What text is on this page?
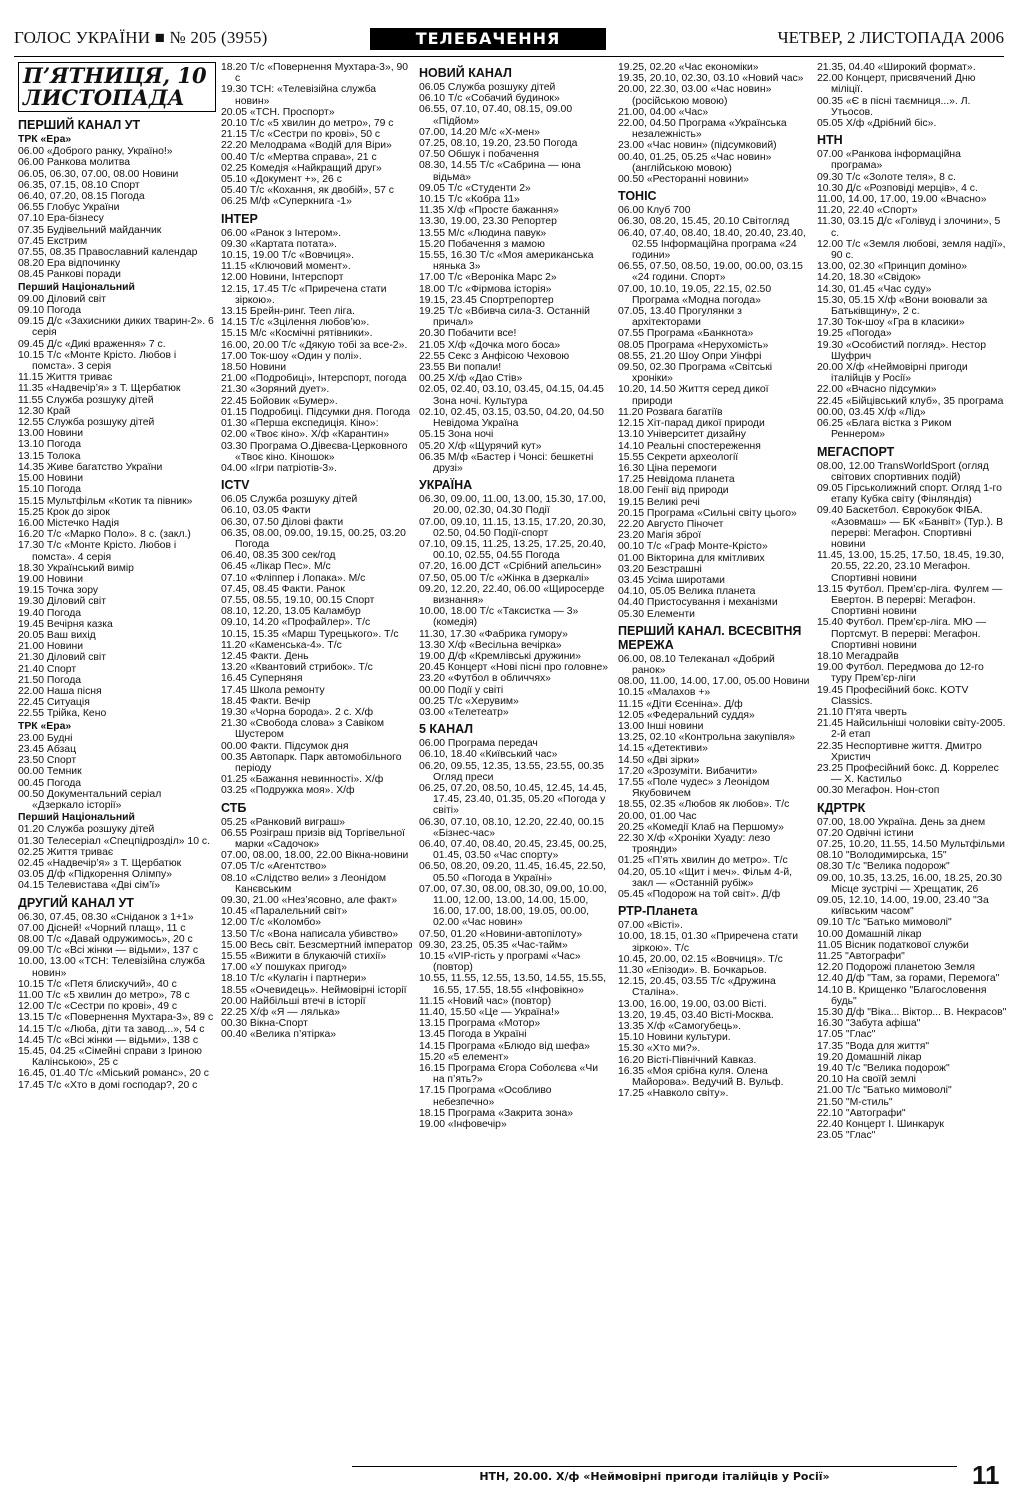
ГОЛОС УКРАЇНИ ■ № 205 (3955)	ТЕЛЕБАЧЕННЯ	ЧЕТВЕР, 2 ЛИСТОПАДА 2006
П’ЯТНИЦЯ, 10 ЛИСТОПАДА
ПЕРШИЙ КАНАЛ УТ
ТРК «Ера»
06.00 «Доброго ранку, Україно!»
06.00 Ранкова молитва
06.05, 06.30, 07.00, 08.00 Новини
06.35, 07.15, 08.10 Спорт
06.40, 07.20, 08.15 Погода
06.55 Глобус України
07.10 Ера-бізнесу
07.35 Будівельний майданчик
07.45 Екстрим
07.55, 08.35 Православний календар
08.20 Ера відпочинку
08.45 Ранкові поради
Перший Національний
09.00 Діловий світ
09.10 Погода
09.15 Д/с «Захисники диких тварин-2». 6 серія
09.45 Д/с «Дикі враження» 7 с.
10.15 Т/с «Монте Крісто. Любов і помста». 3 серія
11.15 Життя триває
11.35 «Надвечір’я» з Т. Щербатюк
11.55 Служба розшуку дітей
12.30 Край
12.55 Служба розшуку дітей
13.00 Новини
13.10 Погода
13.15 Толока
14.35 Живе багатство України
15.00 Новини
15.10 Погода
15.15 Мультфільм «Котик та півник»
15.25 Крок до зірок
16.00 Містечко Надія
16.20 Т/с «Марко Поло». 8 с. (закл.)
17.30 Т/с «Монте Крісто. Любов і помста». 4 серія
18.30 Український вимір
19.00 Новини
19.15 Точка зору
19.30 Діловий світ
19.40 Погода
19.45 Вечірня казка
20.05 Ваш вихід
21.00 Новини
21.30 Діловий світ
21.40 Спорт
21.50 Погода
22.00 Наша пісня
22.45 Ситуація
22.55 Трійка, Кено
ТРК «Ера»
23.00 Будні
23.45 Абзац
23.50 Спорт
00.00 Темник
00.45 Погода
00.50 Документальний серіал «Дзеркало історії»
Перший Національний
01.20 Служба розшуку дітей
01.30 Телесеріал «Спецпідрозділ» 10 с.
02.25 Життя триває
02.45 «Надвечір’я» з Т. Щербатюк
03.05 Д/ф «Підкорення Олімпу»
04.15 Телевистава «Дві сім’ї»
ДРУГИЙ КАНАЛ УТ
06.30, 07.45, 08.30 «Сніданок з 1+1»
07.00 Дісней! «Чорний плащ», 11 с
08.00 Т/с «Давай одружимось», 20 с
09.00 Т/с «Всі жінки — відьми», 137 с
10.00, 13.00 «ТСН: Телевізійна служба новин»
10.15 Т/с «Петя блискучий», 40 с
11.00 Т/с «5 хвилин до метро», 78 с
12.00 Т/с «Сестри по крові», 49 с
13.15 Т/с «Повернення Мухтара-3», 89 с
14.15 Т/с «Люба, діти та завод...», 54 с
14.45 Т/с «Всі жінки — відьми», 138 с
15.45, 04.25 «Сімейні справи з Іриною Калінською», 25 с
16.45, 01.40 Т/с «Міський романс», 20 с
17.45 Т/с «Хто в домі господар?, 20 с
18.20 Т/с «Повернення Мухтара-3», 90 с
19.30 ТСН: «Телевізійна служба новин»
20.05 «ТСН. Проспорт»
20.10 Т/с «5 хвилин до метро», 79 с
21.15 Т/с «Сестри по крові», 50 с
22.20 Мелодрама «Водій для Віри»
00.40 Т/с «Мертва справа», 21 с
02.25 Комедія «Найкращий друг»
05.10 «Документ +», 26 с
05.40 Т/с «Кохання, як двобій», 57 с
06.25 М/ф «Суперкнига -1»
ІНТЕР
06.00 «Ранок з Інтером».
09.30 «Картата потата».
10.15, 19.00 Т/с «Вовчиця».
11.15 «Ключовий момент».
12.00 Новини, Інтерспорт
12.15, 17.45 Т/с «Приречена стати зіркою».
13.15 Брейн-ринг. Teen ліга.
14.15 Т/с «Зцілення любов’ю».
15.15 М/с «Космічні рятівники».
16.00, 20.00 Т/с «Дякую тобі за все-2».
17.00 Ток-шоу «Один у полі».
18.50 Новини
21.00 «Подробиці», Інтерспорт, погода
21.30 «Зоряний дует».
22.45 Бойовик «Бумер».
01.15 Подробиці. Підсумки дня. Погода
01.30 «Перша експедиція. Кіно»:
02.00 «Твоє кіно». Х/ф «Карантин»
03.30 Програма О.Дівеєва-Церковного «Твоє кіно. Кіношок»
04.00 «Ігри патріотів-3».
ICTV
06.05 Служба розшуку дітей
06.10, 03.05 Факти
06.30, 07.50 Ділові факти
06.35, 08.00, 09.00, 19.15, 00.25, 03.20 Погода
06.40, 08.35 300 сек/год
06.45 «Лікар Пес». М/с
07.10 «Фліппер і Лопака». М/с
07.45, 08.45 Факти. Ранок
07.55, 08.55, 19.10, 00.15 Спорт
08.10, 12.20, 13.05 Каламбур
09.10, 14.20 «Профайлер». Т/с
10.15, 15.35 «Марш Турецького». Т/с
11.20 «Каменська-4». Т/с
12.45 Факти. День
13.20 «Квантовий стрибок». Т/с
16.45 Суперняня
17.45 Школа ремонту
18.45 Факти. Вечір
19.30 «Чорна борода». 2 с. Х/ф
21.30 «Свобода слова» з Савіком Шустером
00.00 Факти. Підсумок дня
00.35 Автопарк. Парк автомобільного періоду
01.25 «Бажання невинності». Х/ф
03.25 «Подружка моя». Х/ф
СТБ
05.25 «Ранковий виграш»
06.55 Розіграш призів від Торгівельної марки «Садочок»
07.00, 08.00, 18.00, 22.00 Вікна-новини
07.05 Т/с «Агентство»
08.10 «Слідство вели» з Леонідом Канєвським
09.30, 21.00 «Нез’ясовно, але факт»
10.45 «Паралельний світ»
12.00 Т/с «Коломбо»
13.50 Т/с «Вона написала убивство»
15.00 Весь світ. Безсмертний імператор
15.55 «Вижити в блукаючій стихії»
17.00 «У пошуках пригод»
18.10 Т/с «Кулагін і партнери»
18.55 «Очевидець». Неймовірні історії
20.00 Найбільші втечі в історії
22.25 Х/ф «Я — лялька»
00.30 Вікна-Спорт
00.40 «Велика п’ятірка»
НОВИЙ КАНАЛ
06.05 Служба розшуку дітей
06.10 Т/с «Собачий будинок»
06.55, 07.10, 07.40, 08.15, 09.00 «Підйом»
07.00, 14.20 М/с «Х-мен»
07.25, 08.10, 19.20, 23.50 Погода
07.50 Обшук і побачення
08.30, 14.55 Т/с «Сабрина — юна відьма»
09.05 Т/с «Студенти 2»
10.15 Т/с «Кобра 11»
11.35 Х/ф «Просте бажання»
13.30, 19.00, 23.30 Репортер
13.55 М/с «Людина павук»
15.20 Побачення з мамою
15.55, 16.30 Т/с «Моя американська нянька 3»
17.00 Т/с «Вероніка Марс 2»
18.00 Т/с «Фірмова історія»
19.15, 23.45 Спортрепортер
19.25 Т/с «Вбивча сила-3. Останній причал»
20.30 Побачити все!
21.05 Х/ф «Дочка мого боса»
22.55 Секс з Анфісою Чеховою
23.55 Ви попали!
00.25 Х/ф «Дао Стів»
02.05, 02.40, 03.10, 03.45, 04.15, 04.45 Зона ночі. Культура
02.10, 02.45, 03.15, 03.50, 04.20, 04.50 Невідома Україна
05.15 Зона ночі
05.20 Х/ф «Щурячий кут»
06.35 М/ф «Бастер і Чонсі: бешкетні друзі»
УКРАЇНА
06.30, 09.00, 11.00, 13.00, 15.30, 17.00, 20.00, 02.30, 04.30 Події
07.00, 09.10, 11.15, 13.15, 17.20, 20.30, 02.50, 04.50 Події-спорт
07.10, 09.15, 11.25, 13.25, 17.25, 20.40, 00.10, 02.55, 04.55 Погода
07.20, 16.00 ДСТ «Срібний апельсин»
07.50, 05.00 Т/с «Жінка в дзеркалі»
09.20, 12.20, 22.40, 06.00 «Щиросерде визнання»
10.00, 18.00 Т/с «Таксистка — 3» (комедія)
11.30, 17.30 «Фабрика гумору»
13.30 Х/ф «Весільна вечірка»
19.00 Д/ф «Кремлівські дружини»
20.45 Концерт «Нові пісні про головне»
23.20 «Футбол в обличчях»
00.00 Події у світі
00.25 Т/с «Херувим»
03.00 «Телетеатр»
5 КАНАЛ
06.00 Програма передач
06.10, 18.40 «Київський час»
06.20, 09.55, 12.35, 13.55, 23.55, 00.35 Огляд преси
06.25, 07.20, 08.50, 10.45, 12.45, 14.45, 17.45, 23.40, 01.35, 05.20 «Погода у світі»
06.30, 07.10, 08.10, 12.20, 22.40, 00.15 «Бізнес-час»
06.40, 07.40, 08.40, 20.45, 23.45, 00.25, 01.45, 03.50 «Час спорту»
06.50, 08.20, 09.20, 11.45, 16.45, 22.50, 05.50 «Погода в Україні»
07.00, 07.30, 08.00, 08.30, 09.00, 10.00, 11.00, 12.00, 13.00, 14.00, 15.00, 16.00, 17.00, 18.00, 19.05, 00.00, 02.00 «Час новин»
07.50, 01.20 «Новини-автопілоту»
09.30, 23.25, 05.35 «Час-тайм»
10.15 «VIP-гість у програмі «Час» (повтор)
10.55, 11.55, 12.55, 13.50, 14.55, 15.55, 16.55, 17.55, 18.55 «Інфовікно»
11.15 «Новий час» (повтор)
11.40, 15.50 «Це — Україна!»
13.15 Програма «Мотор»
13.45 Погода в Україні
14.15 Програма «Блюдо від шефа»
15.20 «5 елемент»
16.15 Програма Єгора Соболєва «Чи на п’ять?»
17.15 Програма «Особливо небезпечно»
18.15 Програма «Закрита зона»
19.00 «Інфовечір»
19.25, 02.20 «Час економіки»
19.35, 20.10, 02.30, 03.10 «Новий час»
20.00, 22.30, 03.00 «Час новин» (російською мовою)
21.00, 04.00 «Час»
22.00, 04.50 Програма «Українська незалежність»
23.00 «Час новин» (підсумковий)
00.40, 01.25, 05.25 «Час новин» (англійською мовою)
00.50 «Ресторанні новини»
ТОНІС
06.00 Клуб 700
06.30, 08.20, 15.45, 20.10 Світогляд
06.40, 07.40, 08.40, 18.40, 20.40, 23.40, 02.55 Інформаційна програма «24 години»
06.55, 07.50, 08.50, 19.00, 00.00, 03.15 «24 години. Спорт»
07.00, 10.10, 19.05, 22.15, 02.50 Програма «Модна погода»
07.05, 13.40 Прогулянки з архітекторами
07.55 Програма «Банкнота»
08.05 Програма «Нерухомість»
08.55, 21.20 Шоу Опри Уінфрі
09.50, 02.30 Програма «Світські хроніки»
10.20, 14.50 Життя серед дикої природи
11.20 Розвага багатіїв
12.15 Хіт-парад дикої природи
13.10 Університет дизайну
14.10 Реальні спостереження
15.55 Секрети археології
16.30 Ціна перемоги
17.25 Невідома планета
18.00 Генії від природи
19.15 Великі речі
20.15 Програма «Сильні світу цього»
22.20 Августо Піночет
23.20 Магія зброї
00.10 Т/с «Граф Монте-Крісто»
01.00 Вікторина для кмітливих
03.20 Безстрашні
03.45 Усіма широтами
04.10, 05.05 Велика планета
04.40 Пристосування і механізми
05.30 Елементи
ПЕРШИЙ КАНАЛ. ВСЕСВІТНЯ МЕРЕЖА
06.00, 08.10 Телеканал «Добрий ранок»
08.00, 11.00, 14.00, 17.00, 05.00 Новини
10.15 «Малахов +»
11.15 «Діти Єсеніна». Д/ф
12.05 «Федеральний суддя»
13.00 Інші новини
13.25, 02.10 «Контрольна закупівля»
14.15 «Детективи»
14.50 «Дві зірки»
17.20 «Зрозуміти. Вибачити»
17.55 «Поле чудес» з Леонідом Якубовичем
18.55, 02.35 «Любов як любов». Т/с
20.00, 01.00 Час
20.25 «Комедії Клаб на Першому»
22.30 Х/ф «Хроніки Хуаду: лезо троянди»
01.25 «П’ять хвилин до метро». Т/с
04.20, 05.10 «Щит і меч». Фільм 4-й, закл — «Останній рубіж»
05.45 «Подорож на той світ». Д/ф
РТР-Планета
07.00 «Вісті».
10.00, 18.15, 01.30 «Приречена стати зіркою». Т/с
10.45, 20.00, 02.15 «Вовчиця». Т/с
11.30 «Епізоди». В. Бочкарьов.
12.15, 20.45, 03.55 Т/с «Дружина Сталіна».
13.00, 16.00, 19.00, 03.00 Вісті.
13.20, 19.45, 03.40 Вісті-Москва.
13.35 Х/ф «Самогубець».
15.10 Новини культури.
15.30 «Хто ми?».
16.20 Вісті-Північний Кавказ.
16.35 «Моя срібна куля. Олена Майорова». Ведучий В. Вульф.
17.25 «Навколо світу».
21.35, 04.40 «Широкий формат».
22.00 Концерт, присвячений Дню міліції.
00.35 «Є в пісні таємниця...». Л. Утьосов.
05.05 Х/ф «Дрібний біс».
НТН
07.00 «Ранкова інформаційна програма»
09.30 Т/с «Золоте теля», 8 с.
10.30 Д/с «Розповіді мерців», 4 с.
11.00, 14.00, 17.00, 19.00 «Вчасно»
11.20, 22.40 «Спорт»
11.30, 03.15 Д/с «Голівуд і злочини», 5 с.
12.00 Т/с «Земля любові, земля надії», 90 с.
13.00, 02.30 «Принцип доміно»
14.20, 18.30 «Свідок»
14.30, 01.45 «Час суду»
15.30, 05.15 Х/ф «Вони воювали за Батьківщину», 2 с.
17.30 Ток-шоу «Гра в класики»
19.25 «Погода»
19.30 «Особистий погляд». Нестор Шуфрич
20.00 Х/ф «Неймовірні пригоди італійців у Росії»
22.00 «Вчасно підсумки»
22.45 «Бійцівський клуб», 35 програма
00.00, 03.45 Х/ф «Лід»
06.25 «Блага вістка з Риком Реннером»
МЕГАСПОРТ
08.00, 12.00 TransWorldSport (огляд світових спортивних подій)
09.05 Гірськолижний спорт. Огляд 1-го етапу Кубка світу (Фінляндія)
09.40 Баскетбол. Єврокубок ФІБА. «Азовмаш» — БК «Банвіт» (Тур.). В перерві: Мегафон. Спортивні новини
11.45, 13.00, 15.25, 17.50, 18.45, 19.30, 20.55, 22.20, 23.10 Мегафон. Спортивні новини
13.15 Футбол. Прем’єр-ліга. Фулгем — Евертон. В перерві: Мегафон. Спортивні новини
15.40 Футбол. Прем’єр-ліга. МЮ — Портсмут. В перерві: Мегафон. Спортивні новини
18.10 Мегадрайв
19.00 Футбол. Передмова до 12-го туру Прем’єр-ліги
19.45 Професійний бокс. KOTV Classics.
21.10 П’ята чверть
21.45 Найсильніші чоловіки світу-2005. 2-й етап
22.35 Неспортивне життя. Дмитро Христич
23.25 Професійний бокс. Д. Коррелес — Х. Кастильо
00.30 Мегафон. Нон-стоп
КДРТРК
07.00, 18.00 Україна. День за днем
07.20 Одвічні істини
07.25, 10.20, 11.55, 14.50 Мультфільми
08.10 "Володимирська, 15"
08.30 Т/с "Велика подорож"
09.00, 10.35, 13.25, 16.00, 18.25, 20.30 Місце зустрічі — Хрещатик, 26
09.05, 12.10, 14.00, 19.00, 23.40 "За київським часом"
09.10 Т/с "Батько мимоволі"
10.00 Домашній лікар
11.05 Вісник податкової служби
11.25 "Автографи"
12.20 Подорожі планетою Земля
12.40 Д/ф "Там, за горами, Перемога"
14.10 В. Крищенко "Благословення будь"
15.30 Д/ф "Віка... Віктор... В. Некрасов"
16.30 "Забута афіша"
17.05 "Глас"
17.35 "Вода для життя"
19.20 Домашній лікар
19.40 Т/с "Велика подорож"
20.10 На своїй землі
21.00 Т/с "Батько мимоволі"
21.50 "М-стиль"
22.10 "Автографи"
22.40 Концерт І. Шинкарук
23.05 "Глас"
НТН, 20.00. Х/ф «Неймовірні пригоди італійців у Росії»	11
